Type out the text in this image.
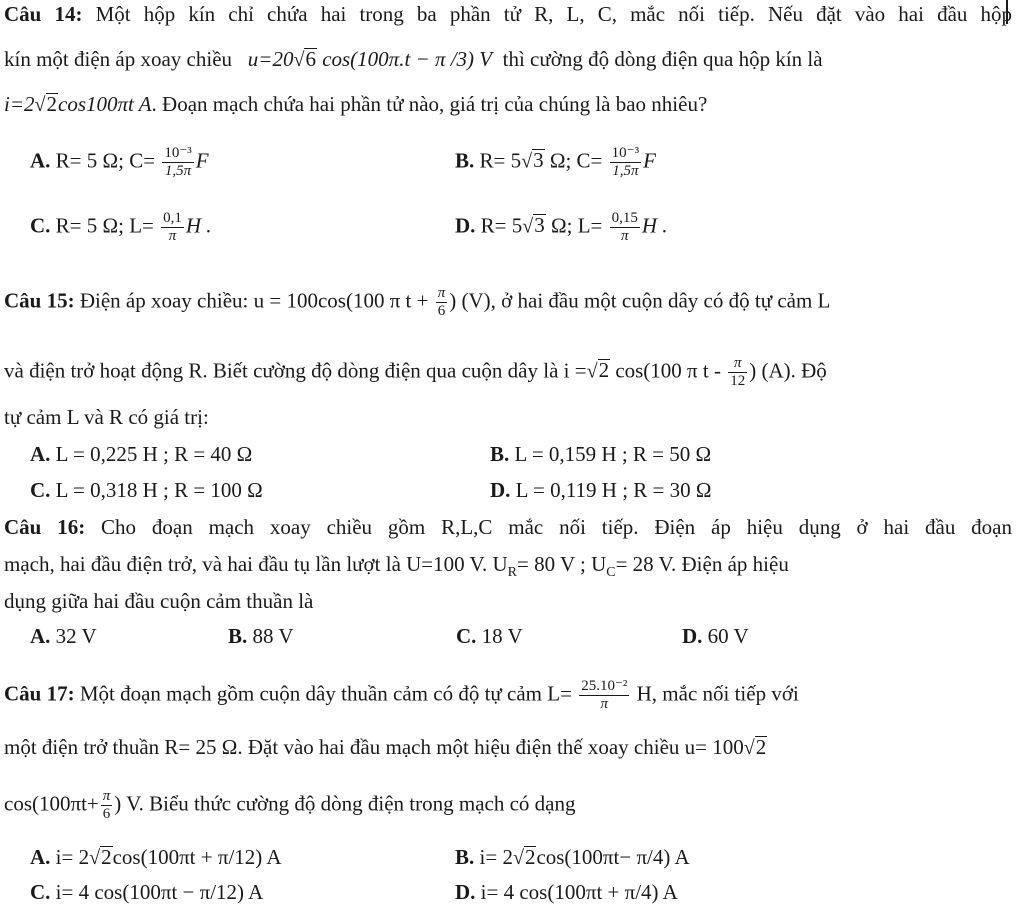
Câu 14: Một hộp kín chỉ chứa hai trong ba phần tử R, L, C, mắc nối tiếp. Nếu đặt vào hai đầu hộp
kín một điện áp xoay chiều u=20√6 cos(100π.t − π /3) V thì cường độ dòng điện qua hộp kín là
i=2√2cos100πt A. Đoạn mạch chứa hai phần tử nào, giá trị của chúng là bao nhiêu?
A. R= 5 Ω; $C= \frac{\text{10⁻³}}{1,5\pi}$ F	B. R= 5√3 Ω; $C= \frac{\text{10⁻³}}{1,5\pi}$ F
C. R= 5 Ω; $L= \frac{0,1}{\pi}$ H .	D. R= 5√3 Ω; $L= \frac{0,15}{\pi}$ H .
Câu 15: Điện áp xoay chiều: u = 100cos(100 π $t + \frac{\pi}{6}$ ) (V), ở hai đầu một cuộn dây có độ tự cảm L
và điện trở hoạt động R. Biết cường độ dòng điện qua cuộn dây là i =√2 cos(100 π t - $\frac{\pi}{12}$ ) (A). Độ
tự cảm L và R có giá trị:
A. L = 0,225 H ; R = 40 Ω	B. L = 0,159 H ; R = 50 Ω
C. L = 0,318 H ; R = 100 Ω	D. L = 0,119 H ; R = 30 Ω
Câu 16: Cho đoạn mạch xoay chiều gồm R,L,C mắc nối tiếp. Điện áp hiệu dụng ở hai đầu đoạn
mạch, hai đầu điện trở, và hai đầu tụ lần lượt là U=100 V. $U_R= 80$ V ; $U_C= 28$ V. Điện áp hiệu
dụng giữa hai đầu cuộn cảm thuần là
A. 32 V	B. 88 V	C. 18 V	D. 60 V
Câu 17: Một đoạn mạch gồm cuộn dây thuần cảm có độ tự cảm $L= \frac{\text{25.10⁻²}}{\pi} H$, mắc nối tiếp với
một điện trở thuần R= 25 Ω. Đặt vào hai đầu mạch một hiệu điện thế xoay chiều u= 100√2
$\cos(100\pi t+ \frac{\pi}{6}$ ) V. Biểu thức cường độ dòng điện trong mạch có dạng
A. i= 2√2cos(100πt + π/12) A	B. i= 2√2cos(100πt− π/4) A
C. i= 4 cos(100πt − π/12) A	D. i= 4 cos(100πt + π/4) A
